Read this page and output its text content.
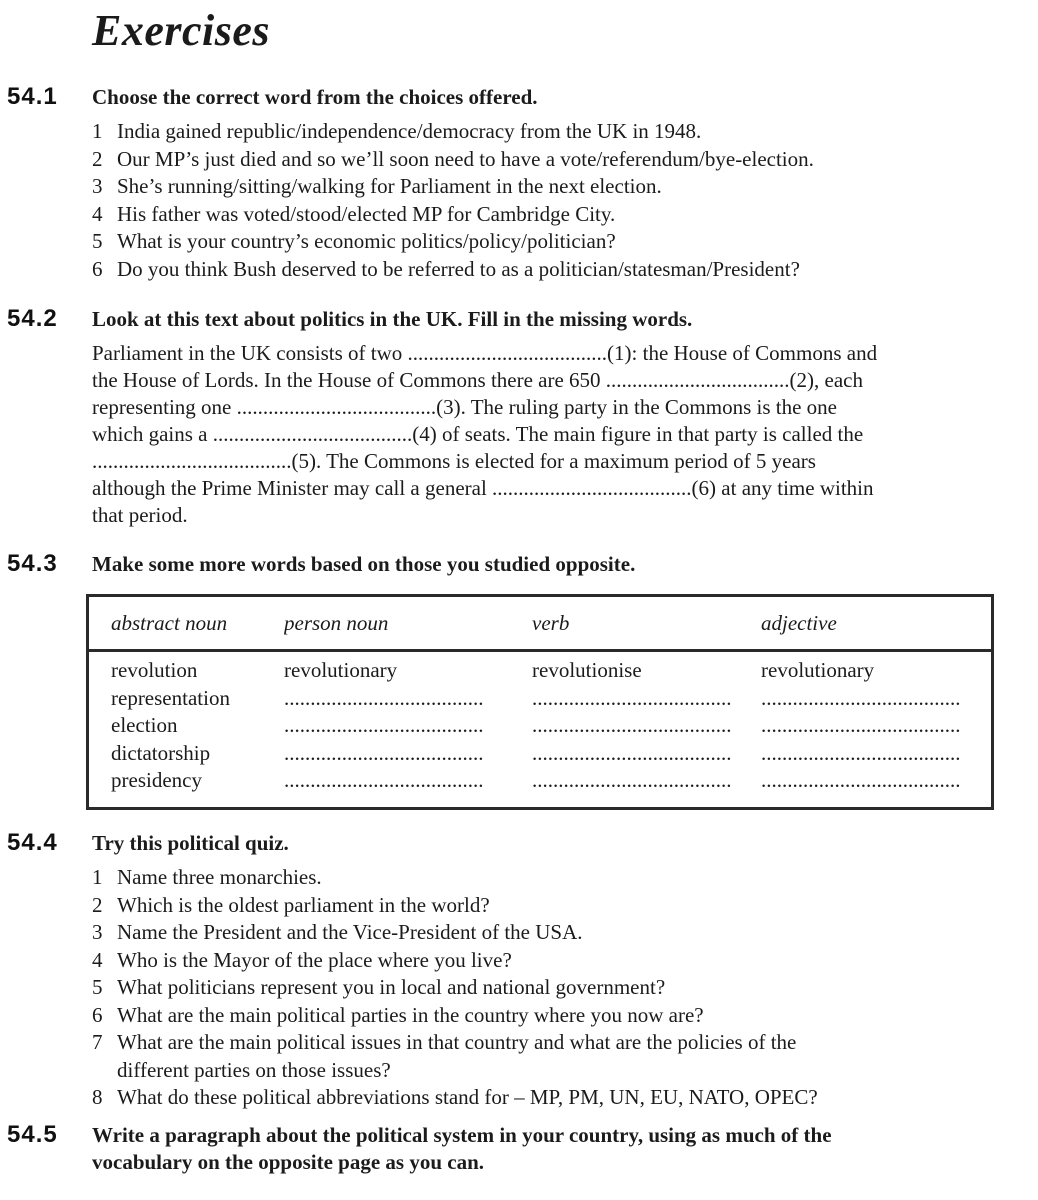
Exercises
54.1	Choose the correct word from the choices offered.
1 India gained republic/independence/democracy from the UK in 1948.
2 Our MP’s just died and so we’ll soon need to have a vote/referendum/bye-election.
3 She’s running/sitting/walking for Parliament in the next election.
4 His father was voted/stood/elected MP for Cambridge City.
5 What is your country’s economic politics/policy/politician?
6 Do you think Bush deserved to be referred to as a politician/statesman/President?
54.2	Look at this text about politics in the UK. Fill in the missing words.
Parliament in the UK consists of two ......................................(1): the House of Commons and
the House of Lords. In the House of Commons there are 650 ...................................(2), each
representing one ......................................(3). The ruling party in the Commons is the one
which gains a ......................................(4) of seats. The main figure in that party is called the
......................................(5). The Commons is elected for a maximum period of 5 years
although the Prime Minister may call a general ......................................(6) at any time within
that period.
54.3	Make some more words based on those you studied opposite.
abstract noun	person noun	verb	adjective
revolution	revolutionary	revolutionise	revolutionary
representation	......................................	......................................	......................................
election	......................................	......................................	......................................
dictatorship	......................................	......................................	......................................
presidency	......................................	......................................	......................................
54.4	Try this political quiz.
1 Name three monarchies.
2 Which is the oldest parliament in the world?
3 Name the President and the Vice-President of the USA.
4 Who is the Mayor of the place where you live?
5 What politicians represent you in local and national government?
6 What are the main political parties in the country where you now are?
7 What are the main political issues in that country and what are the policies of the
different parties on those issues?
8 What do these political abbreviations stand for – MP, PM, UN, EU, NATO, OPEC?
54.5	Write a paragraph about the political system in your country, using as much of the
vocabulary on the opposite page as you can.
